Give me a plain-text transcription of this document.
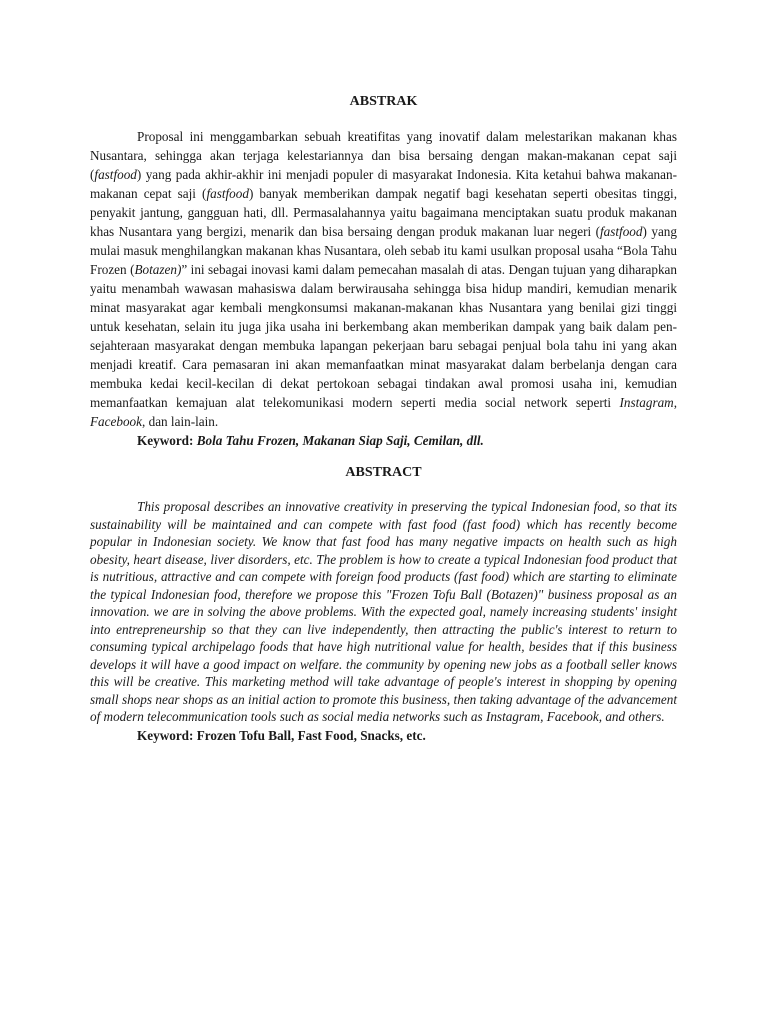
ABSTRAK

Proposal ini menggambarkan sebuah kreatifitas yang inovatif dalam melestarikan makanan khas Nusantara, sehingga akan terjaga kelestariannya dan bisa bersaing dengan makan-makanan cepat saji (fastfood) yang pada akhir-akhir ini menjadi populer di masyarakat Indonesia. Kita ketahui bahwa makanan-makanan cepat saji (fastfood) banyak memberikan dampak negatif bagi kesehatan seperti obesitas tinggi, penyakit jantung, gangguan hati, dll. Permasalahannya yaitu bagaimana menciptakan suatu produk makanan khas Nusantara yang bergizi, menarik dan bisa bersaing dengan produk makanan luar negeri (fastfood) yang mulai masuk menghilangkan makanan khas Nusantara, oleh sebab itu kami usulkan proposal usaha “Bola Tahu Frozen (Botazen)” ini sebagai inovasi kami dalam pemecahan masalah di atas. Dengan tujuan yang diharapkan yaitu menambah wawasan mahasiswa dalam berwirausaha sehingga bisa hidup mandiri, kemudian menarik minat masyarakat agar kembali mengkonsumsi makanan-makanan khas Nusantara yang benilai gizi tinggi untuk kesehatan, selain itu juga jika usaha ini berkembang akan memberikan dampak yang baik dalam pen-sejahteraan masyarakat dengan membuka lapangan pekerjaan baru sebagai penjual bola tahu ini yang akan menjadi kreatif. Cara pemasaran ini akan memanfaatkan minat masyarakat dalam berbelanja dengan cara membuka kedai kecil-kecilan di dekat pertokoan sebagai tindakan awal promosi usaha ini, kemudian memanfaatkan kemajuan alat telekomunikasi modern seperti media social network seperti Instagram, Facebook, dan lain-lain.

Keyword: Bola Tahu Frozen, Makanan Siap Saji, Cemilan, dll.

ABSTRACT

This proposal describes an innovative creativity in preserving the typical Indonesian food, so that its sustainability will be maintained and can compete with fast food (fast food) which has recently become popular in Indonesian society. We know that fast food has many negative impacts on health such as high obesity, heart disease, liver disorders, etc. The problem is how to create a typical Indonesian food product that is nutritious, attractive and can compete with foreign food products (fast food) which are starting to eliminate the typical Indonesian food, therefore we propose this "Frozen Tofu Ball (Botazen)" business proposal as an innovation. we are in solving the above problems. With the expected goal, namely increasing students' insight into entrepreneurship so that they can live independently, then attracting the public's interest to return to consuming typical archipelago foods that have high nutritional value for health, besides that if this business develops it will have a good impact on welfare. the community by opening new jobs as a football seller knows this will be creative. This marketing method will take advantage of people's interest in shopping by opening small shops near shops as an initial action to promote this business, then taking advantage of the advancement of modern telecommunication tools such as social media networks such as Instagram, Facebook, and others.

Keyword: Frozen Tofu Ball, Fast Food, Snacks, etc.
